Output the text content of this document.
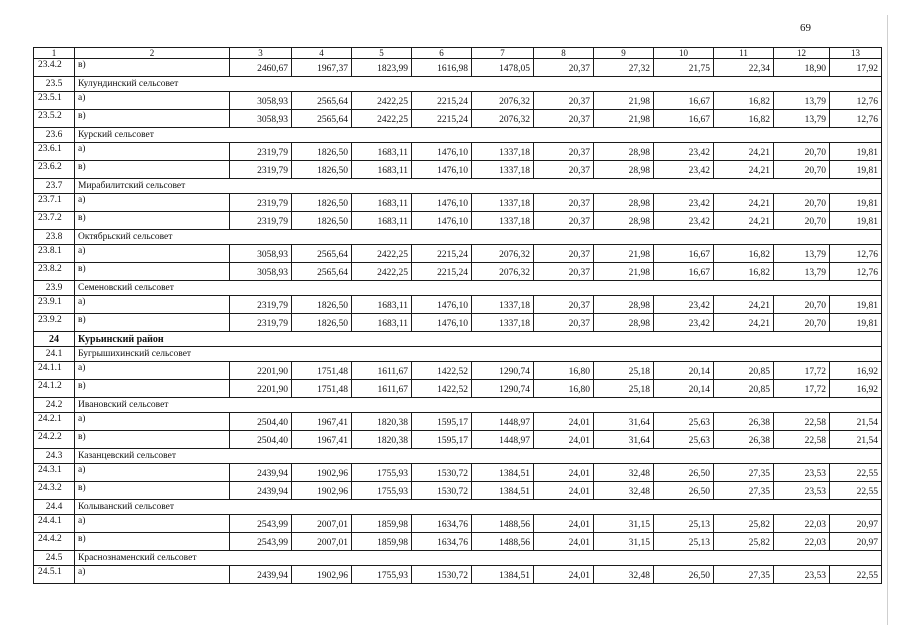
69
1	2	3	4	5	6	7	8	9	10	11	12	13
23.4.2	в)	2460,67	1967,37	1823,99	1616,98	1478,05	20,37	27,32	21,75	22,34	18,90	17,92
23.5	Кулундинский сельсовет											
23.5.1	а)	3058,93	2565,64	2422,25	2215,24	2076,32	20,37	21,98	16,67	16,82	13,79	12,76
23.5.2	в)	3058,93	2565,64	2422,25	2215,24	2076,32	20,37	21,98	16,67	16,82	13,79	12,76
23.6	Курский сельсовет											
23.6.1	а)	2319,79	1826,50	1683,11	1476,10	1337,18	20,37	28,98	23,42	24,21	20,70	19,81
23.6.2	в)	2319,79	1826,50	1683,11	1476,10	1337,18	20,37	28,98	23,42	24,21	20,70	19,81
23.7	Мирабилитский сельсовет											
23.7.1	а)	2319,79	1826,50	1683,11	1476,10	1337,18	20,37	28,98	23,42	24,21	20,70	19,81
23.7.2	в)	2319,79	1826,50	1683,11	1476,10	1337,18	20,37	28,98	23,42	24,21	20,70	19,81
23.8	Октябрьский сельсовет											
23.8.1	а)	3058,93	2565,64	2422,25	2215,24	2076,32	20,37	21,98	16,67	16,82	13,79	12,76
23.8.2	в)	3058,93	2565,64	2422,25	2215,24	2076,32	20,37	21,98	16,67	16,82	13,79	12,76
23.9	Семеновский сельсовет											
23.9.1	а)	2319,79	1826,50	1683,11	1476,10	1337,18	20,37	28,98	23,42	24,21	20,70	19,81
23.9.2	в)	2319,79	1826,50	1683,11	1476,10	1337,18	20,37	28,98	23,42	24,21	20,70	19,81
24	Курьинский район											
24.1	Бугрышихинский сельсовет											
24.1.1	а)	2201,90	1751,48	1611,67	1422,52	1290,74	16,80	25,18	20,14	20,85	17,72	16,92
24.1.2	в)	2201,90	1751,48	1611,67	1422,52	1290,74	16,80	25,18	20,14	20,85	17,72	16,92
24.2	Ивановский сельсовет											
24.2.1	а)	2504,40	1967,41	1820,38	1595,17	1448,97	24,01	31,64	25,63	26,38	22,58	21,54
24.2.2	в)	2504,40	1967,41	1820,38	1595,17	1448,97	24,01	31,64	25,63	26,38	22,58	21,54
24.3	Казанцевский сельсовет											
24.3.1	а)	2439,94	1902,96	1755,93	1530,72	1384,51	24,01	32,48	26,50	27,35	23,53	22,55
24.3.2	в)	2439,94	1902,96	1755,93	1530,72	1384,51	24,01	32,48	26,50	27,35	23,53	22,55
24.4	Колыванский сельсовет											
24.4.1	а)	2543,99	2007,01	1859,98	1634,76	1488,56	24,01	31,15	25,13	25,82	22,03	20,97
24.4.2	в)	2543,99	2007,01	1859,98	1634,76	1488,56	24,01	31,15	25,13	25,82	22,03	20,97
24.5	Краснознаменский сельсовет											
24.5.1	а)	2439,94	1902,96	1755,93	1530,72	1384,51	24,01	32,48	26,50	27,35	23,53	22,55
